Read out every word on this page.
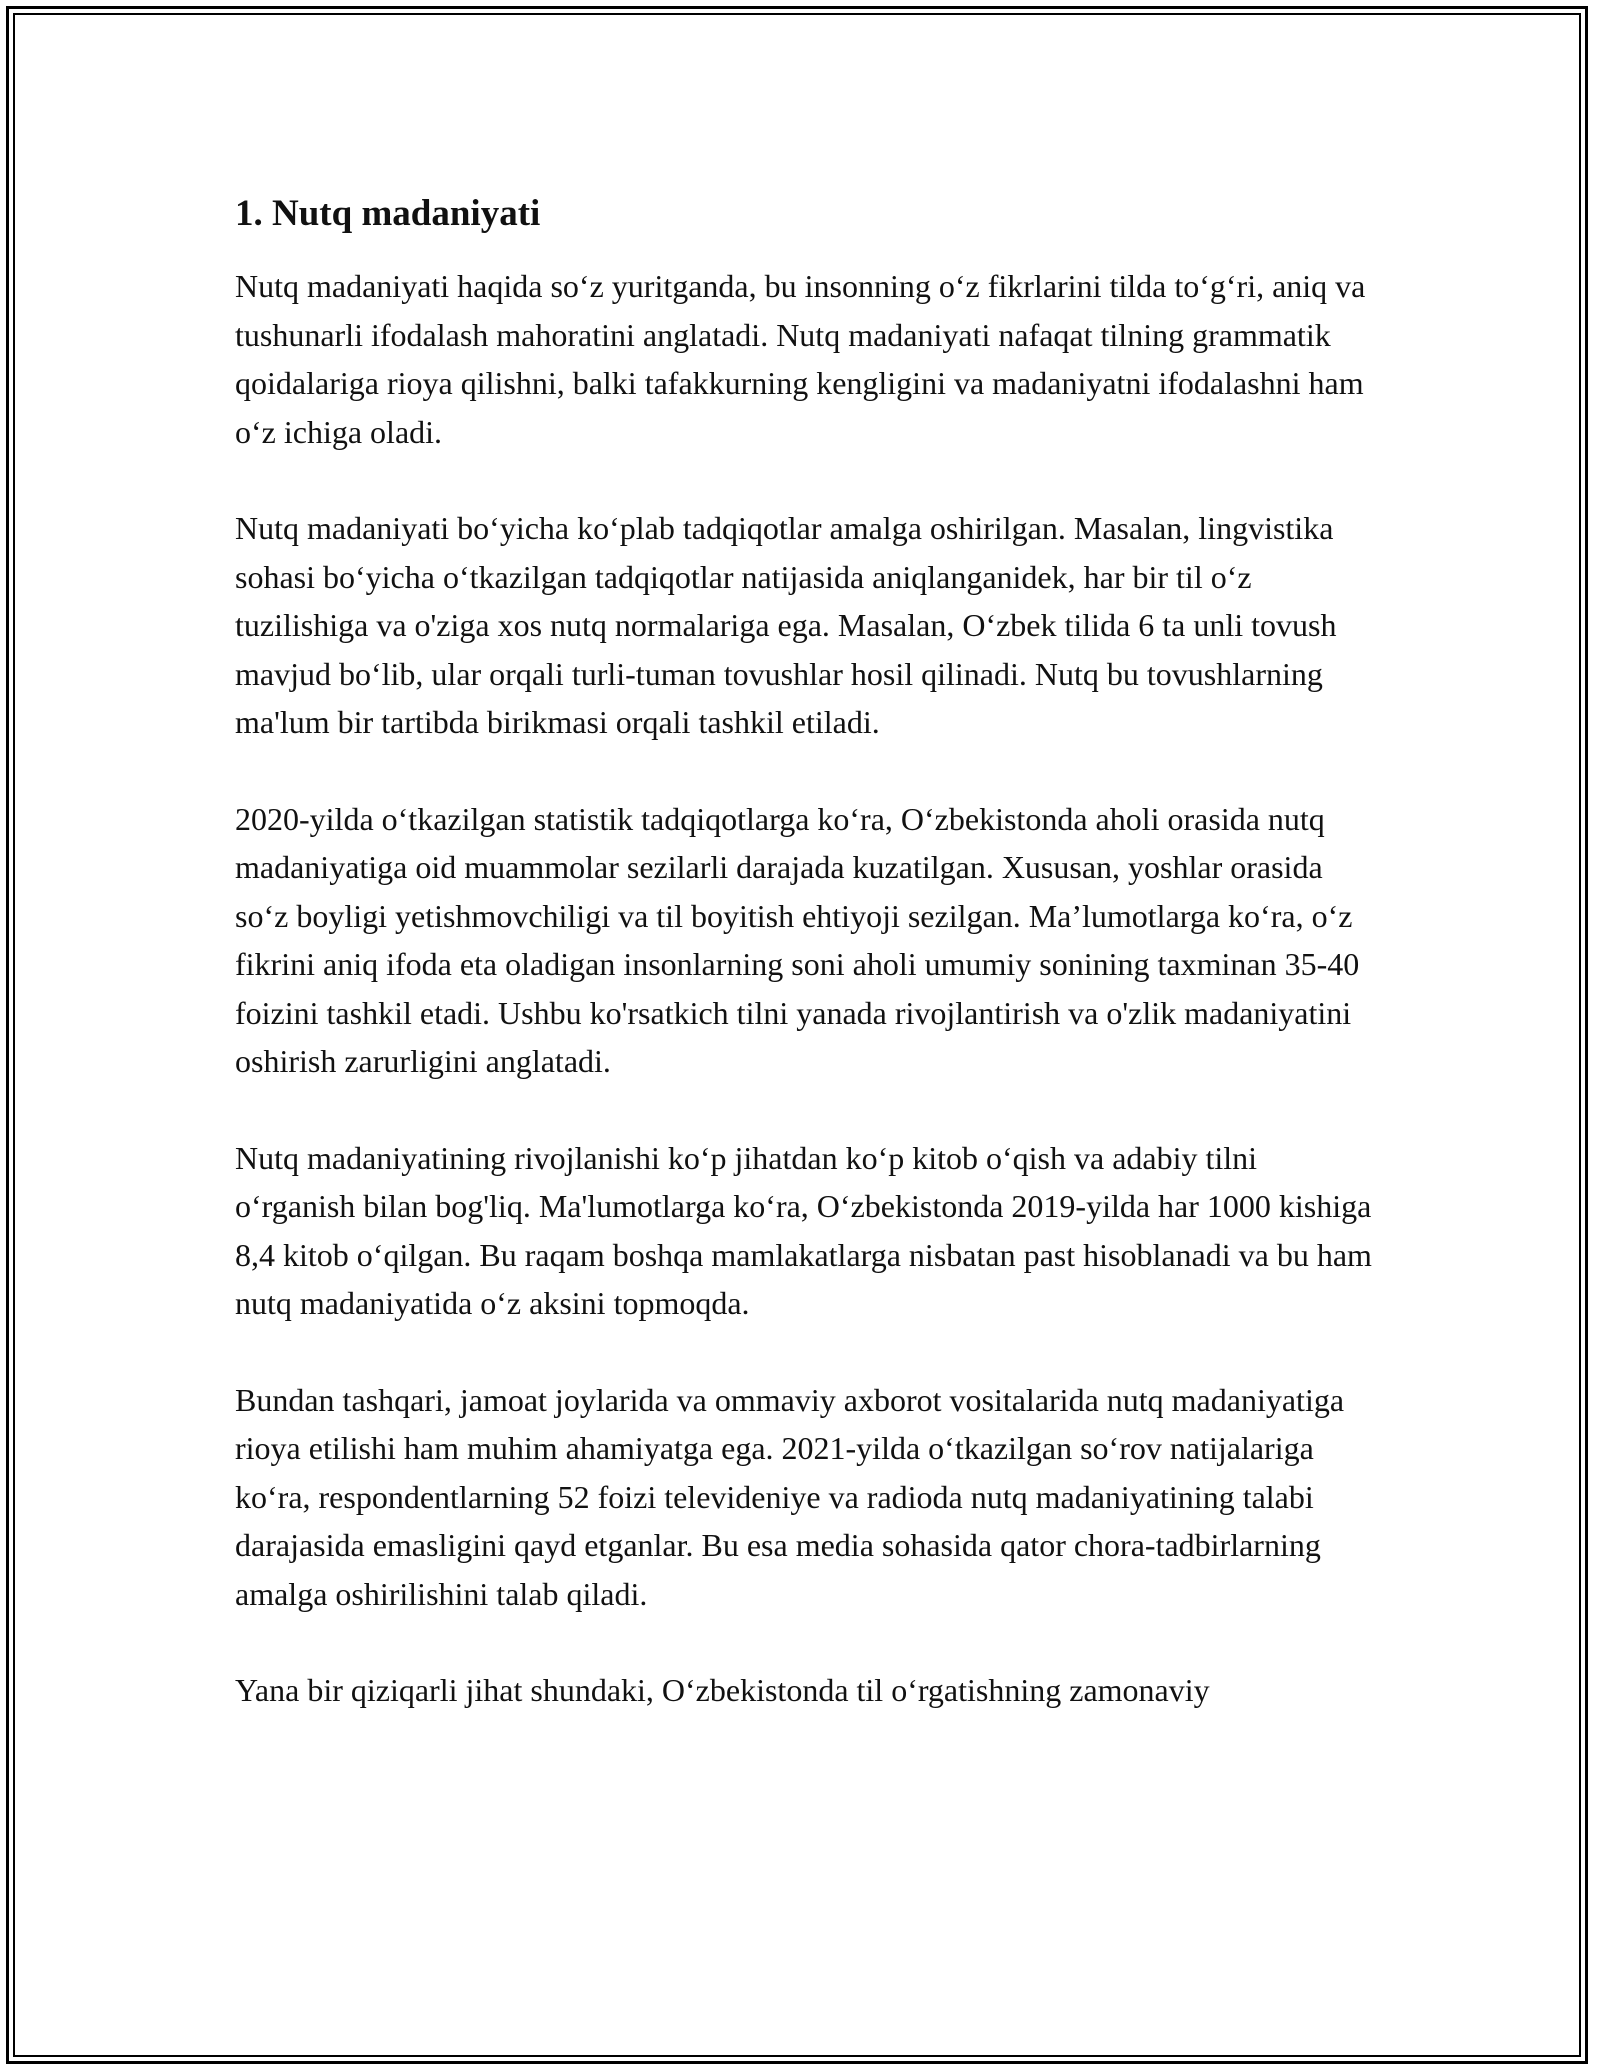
1. Nutq madaniyati

Nutq madaniyati haqida so‘z yuritganda, bu insonning o‘z fikrlarini tilda to‘g‘ri, aniq va tushunarli ifodalash mahoratini anglatadi. Nutq madaniyati nafaqat tilning grammatik qoidalariga rioya qilishni, balki tafakkurning kengligini va madaniyatni ifodalashni ham o‘z ichiga oladi.

Nutq madaniyati bo‘yicha ko‘plab tadqiqotlar amalga oshirilgan. Masalan, lingvistika sohasi bo‘yicha o‘tkazilgan tadqiqotlar natijasida aniqlanganidek, har bir til o‘z tuzilishiga va o'ziga xos nutq normalariga ega. Masalan, O‘zbek tilida 6 ta unli tovush mavjud bo‘lib, ular orqali turli-tuman tovushlar hosil qilinadi. Nutq bu tovushlarning ma'lum bir tartibda birikmasi orqali tashkil etiladi.

2020-yilda o‘tkazilgan statistik tadqiqotlarga ko‘ra, O‘zbekistonda aholi orasida nutq madaniyatiga oid muammolar sezilarli darajada kuzatilgan. Xususan, yoshlar orasida so‘z boyligi yetishmovchiligi va til boyitish ehtiyoji sezilgan. Ma’lumotlarga ko‘ra, o‘z fikrini aniq ifoda eta oladigan insonlarning soni aholi umumiy sonining taxminan 35-40 foizini tashkil etadi. Ushbu ko'rsatkich tilni yanada rivojlantirish va o'zlik madaniyatini oshirish zarurligini anglatadi.

Nutq madaniyatining rivojlanishi ko‘p jihatdan ko‘p kitob o‘qish va adabiy tilni o‘rganish bilan bog'liq. Ma'lumotlarga ko‘ra, O‘zbekistonda 2019-yilda har 1000 kishiga 8,4 kitob o‘qilgan. Bu raqam boshqa mamlakatlarga nisbatan past hisoblanadi va bu ham nutq madaniyatida o‘z aksini topmoqda.

Bundan tashqari, jamoat joylarida va ommaviy axborot vositalarida nutq madaniyatiga rioya etilishi ham muhim ahamiyatga ega. 2021-yilda o‘tkazilgan so‘rov natijalariga ko‘ra, respondentlarning 52 foizi televideniye va radioda nutq madaniyatining talabi darajasida emasligini qayd etganlar. Bu esa media sohasida qator chora-tadbirlarning amalga oshirilishini talab qiladi.

Yana bir qiziqarli jihat shundaki, O‘zbekistonda til o‘rgatishning zamonaviy
